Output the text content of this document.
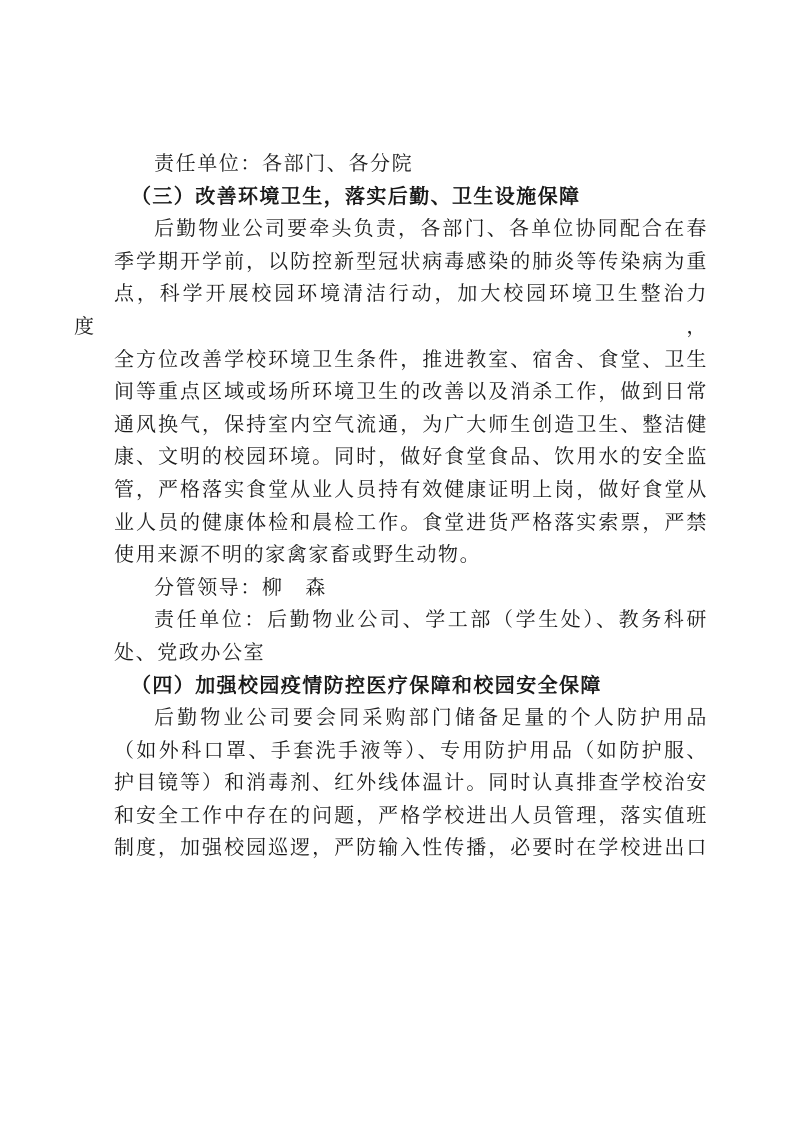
责任单位：各部门、各分院

（三）改善环境卫生，落实后勤、卫生设施保障

后勤物业公司要牵头负责，各部门、各单位协同配合在春
季学期开学前，以防控新型冠状病毒感染的肺炎等传染病为重
点，科学开展校园环境清洁行动，加大校园环境卫生整治力度，
全方位改善学校环境卫生条件，推进教室、宿舍、食堂、卫生
间等重点区域或场所环境卫生的改善以及消杀工作，做到日常
通风换气，保持室内空气流通，为广大师生创造卫生、整洁健
康、文明的校园环境。同时，做好食堂食品、饮用水的安全监
管，严格落实食堂从业人员持有效健康证明上岗，做好食堂从
业人员的健康体检和晨检工作。食堂进货严格落实索票，严禁
使用来源不明的家禽家畜或野生动物。

分管领导：柳　森

责任单位：后勤物业公司、学工部（学生处）、教务科研
处、党政办公室

（四）加强校园疫情防控医疗保障和校园安全保障

后勤物业公司要会同采购部门储备足量的个人防护用品
（如外科口罩、手套洗手液等）、专用防护用品（如防护服、
护目镜等）和消毒剂、红外线体温计。同时认真排查学校治安
和安全工作中存在的问题，严格学校进出人员管理，落实值班
制度，加强校园巡逻，严防输入性传播，必要时在学校进出口
